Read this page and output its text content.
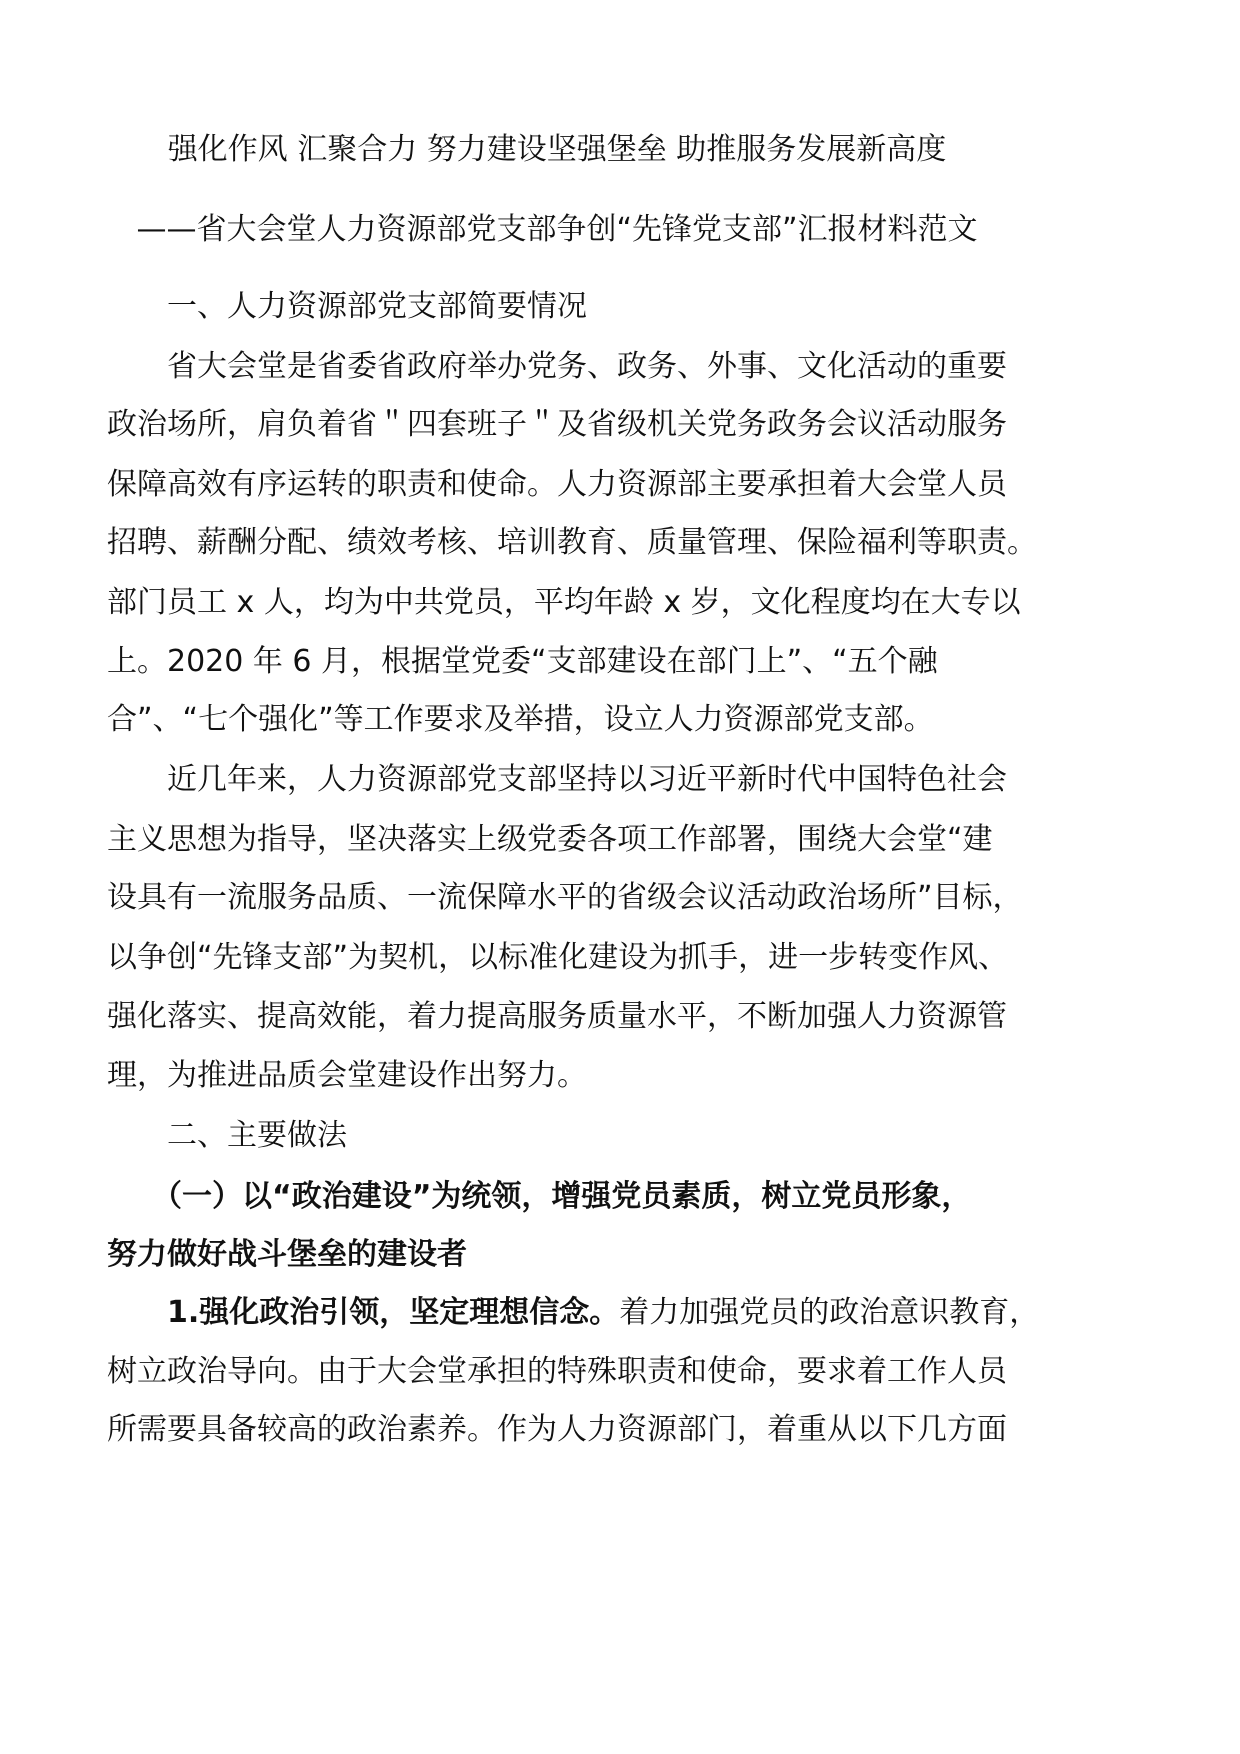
强化作风 汇聚合力 努力建设坚强堡垒 助推服务发展新高度
——省大会堂人力资源部党支部争创“先锋党支部”汇报材料范文
一、人力资源部党支部简要情况
省大会堂是省委省政府举办党务、政务、外事、文化活动的重要
政治场所，肩负着省＂四套班子＂及省级机关党务政务会议活动服务
保障高效有序运转的职责和使命。人力资源部主要承担着大会堂人员
招聘、薪酬分配、绩效考核、培训教育、质量管理、保险福利等职责。
部门员工 x 人，均为中共党员，平均年龄 x 岁，文化程度均在大专以
上。2020 年 6 月，根据堂党委“支部建设在部门上”、“五个融
合”、“七个强化”等工作要求及举措，设立人力资源部党支部。
近几年来，人力资源部党支部坚持以习近平新时代中国特色社会
主义思想为指导，坚决落实上级党委各项工作部署，围绕大会堂“建
设具有一流服务品质、一流保障水平的省级会议活动政治场所”目标，
以争创“先锋支部”为契机，以标准化建设为抓手，进一步转变作风、
强化落实、提高效能，着力提高服务质量水平，不断加强人力资源管
理，为推进品质会堂建设作出努力。
二、主要做法
（一）以“政治建设”为统领，增强党员素质，树立党员形象，
努力做好战斗堡垒的建设者
1.强化政治引领，坚定理想信念。着力加强党员的政治意识教育，
树立政治导向。由于大会堂承担的特殊职责和使命，要求着工作人员
所需要具备较高的政治素养。作为人力资源部门，着重从以下几方面
